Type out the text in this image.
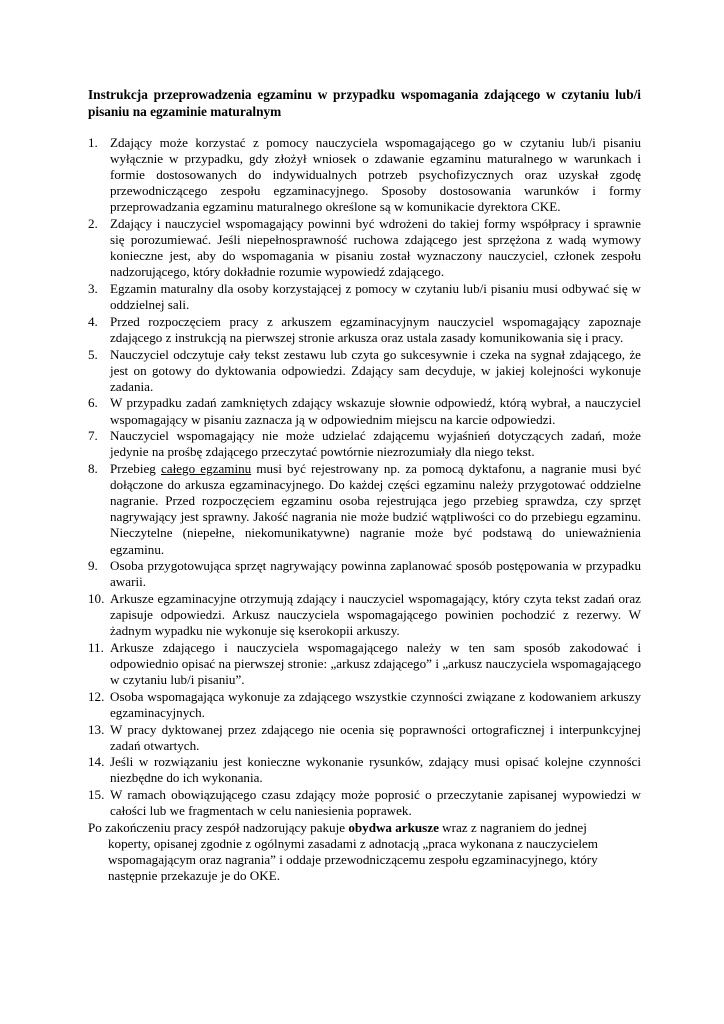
Instrukcja przeprowadzenia egzaminu w przypadku wspomagania zdającego w czytaniu lub/i pisaniu na egzaminie maturalnym

1. Zdający może korzystać z pomocy nauczyciela wspomagającego go w czytaniu lub/i pisaniu wyłącznie w przypadku, gdy złożył wniosek o zdawanie egzaminu maturalnego w warunkach i formie dostosowanych do indywidualnych potrzeb psychofizycznych oraz uzyskał zgodę przewodniczącego zespołu egzaminacyjnego. Sposoby dostosowania warunków i formy przeprowadzania egzaminu maturalnego określone są w komunikacie dyrektora CKE.
2. Zdający i nauczyciel wspomagający powinni być wdrożeni do takiej formy współpracy i sprawnie się porozumiewać. Jeśli niepełnosprawność ruchowa zdającego jest sprzężona z wadą wymowy konieczne jest, aby do wspomagania w pisaniu został wyznaczony nauczyciel, członek zespołu nadzorującego, który dokładnie rozumie wypowiedź zdającego.
3. Egzamin maturalny dla osoby korzystającej z pomocy w czytaniu lub/i pisaniu musi odbywać się w oddzielnej sali.
4. Przed rozpoczęciem pracy z arkuszem egzaminacyjnym nauczyciel wspomagający zapoznaje zdającego z instrukcją na pierwszej stronie arkusza oraz ustala zasady komunikowania się i pracy.
5. Nauczyciel odczytuje cały tekst zestawu lub czyta go sukcesywnie i czeka na sygnał zdającego, że jest on gotowy do dyktowania odpowiedzi. Zdający sam decyduje, w jakiej kolejności wykonuje zadania.
6. W przypadku zadań zamkniętych zdający wskazuje słownie odpowiedź, którą wybrał, a nauczyciel wspomagający w pisaniu zaznacza ją w odpowiednim miejscu na karcie odpowiedzi.
7. Nauczyciel wspomagający nie może udzielać zdającemu wyjaśnień dotyczących zadań, może jedynie na prośbę zdającego przeczytać powtórnie niezrozumiały dla niego tekst.
8. Przebieg całego egzaminu musi być rejestrowany np. za pomocą dyktafonu, a nagranie musi być dołączone do arkusza egzaminacyjnego. Do każdej części egzaminu należy przygotować oddzielne nagranie. Przed rozpoczęciem egzaminu osoba rejestrująca jego przebieg sprawdza, czy sprzęt nagrywający jest sprawny. Jakość nagrania nie może budzić wątpliwości co do przebiegu egzaminu. Nieczytelne (niepełne, niekomunikatywne) nagranie może być podstawą do unieważnienia egzaminu.
9. Osoba przygotowująca sprzęt nagrywający powinna zaplanować sposób postępowania w przypadku awarii.
10. Arkusze egzaminacyjne otrzymują zdający i nauczyciel wspomagający, który czyta tekst zadań oraz zapisuje odpowiedzi. Arkusz nauczyciela wspomagającego powinien pochodzić z rezerwy. W żadnym wypadku nie wykonuje się kserokopii arkuszy.
11. Arkusze zdającego i nauczyciela wspomagającego należy w ten sam sposób zakodować i odpowiednio opisać na pierwszej stronie: „arkusz zdającego” i „arkusz nauczyciela wspomagającego w czytaniu lub/i pisaniu”.
12. Osoba wspomagająca wykonuje za zdającego wszystkie czynności związane z kodowaniem arkuszy egzaminacyjnych.
13. W pracy dyktowanej przez zdającego nie ocenia się poprawności ortograficznej i interpunkcyjnej zadań otwartych.
14. Jeśli w rozwiązaniu jest konieczne wykonanie rysunków, zdający musi opisać kolejne czynności niezbędne do ich wykonania.
15. W ramach obowiązującego czasu zdający może poprosić o przeczytanie zapisanej wypowiedzi w całości lub we fragmentach w celu naniesienia poprawek.

Po zakończeniu pracy zespół nadzorujący pakuje obydwa arkusze wraz z nagraniem do jednej
koperty, opisanej zgodnie z ogólnymi zasadami z adnotacją „praca wykonana z nauczycielem
wspomagającym oraz nagrania” i oddaje przewodniczącemu zespołu egzaminacyjnego, który
następnie przekazuje je do OKE.
